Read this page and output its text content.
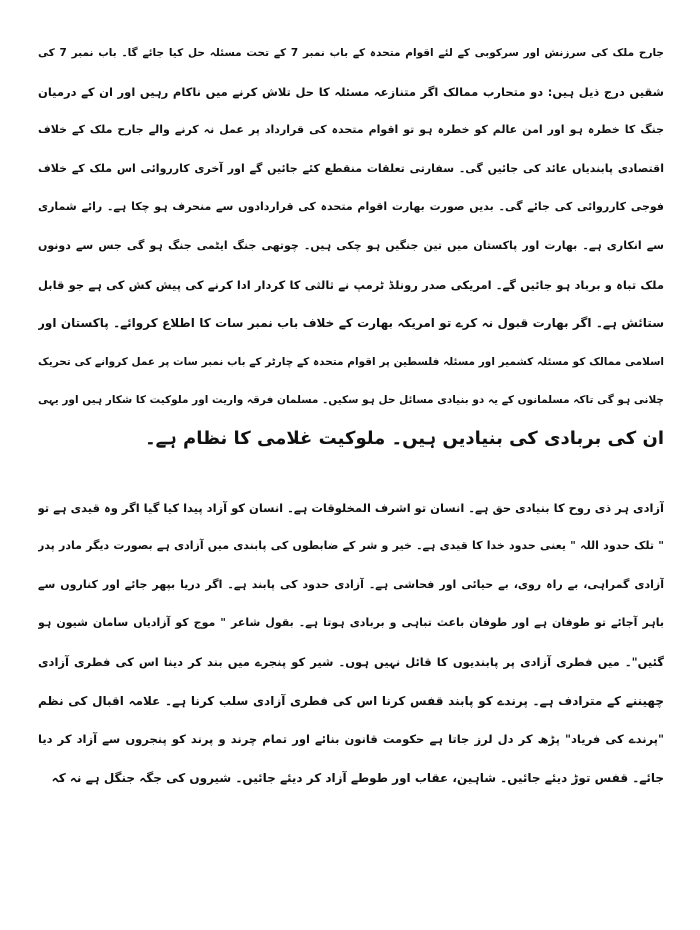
جارح ملک کی سرزنش اور سرکوبی کے لئے اقوام متحدہ کے باب نمبر 7 کے تحت مسئلہ حل کیا جائے گا۔ باب نمبر 7 کی
شقیں درج ذیل ہیں: دو متحارب ممالک اگر متنازعہ مسئلہ کا حل تلاش کرنے میں ناکام رہیں اور ان کے درمیان
جنگ کا خطرہ ہو اور امن عالم کو خطرہ ہو تو اقوام متحدہ کی قرارداد پر عمل نہ کرنے والے جارح ملک کے خلاف
اقتصادی پابندیاں عائد کی جائیں گی۔ سفارتی تعلقات منقطع کئے جائیں گے اور آخری کارروائی اس ملک کے خلاف
فوجی کارروائی کی جائے گی۔ بدیں صورت بھارت اقوام متحدہ کی قراردادوں سے منحرف ہو چکا ہے۔ رائے شماری
سے انکاری ہے۔ بھارت اور پاکستان میں تین جنگیں ہو چکی ہیں۔ چوتھی جنگ ایٹمی جنگ ہو گی جس سے دونوں
ملک تباہ و برباد ہو جائیں گے۔ امریکی صدر رونلڈ ٹرمپ نے ثالثی کا کردار ادا کرنے کی پیش کش کی ہے جو قابل
ستائش ہے۔ اگر بھارت قبول نہ کرے تو امریکہ بھارت کے خلاف باب نمبر سات کا اطلاع کروائے۔ پاکستان اور
اسلامی ممالک کو مسئلہ کشمیر اور مسئلہ فلسطین پر اقوام متحدہ کے چارٹر کے باب نمبر سات پر عمل کروانے کی تحریک
چلانی ہو گی تاکہ مسلمانوں کے یہ دو بنیادی مسائل حل ہو سکیں۔ مسلمان فرقہ واریت اور ملوکیت کا شکار ہیں اور یہی
ان کی بربادی کی بنیادیں ہیں۔ ملوکیت غلامی کا نظام ہے۔
آزادی ہر ذی روح کا بنیادی حق ہے۔ انسان تو اشرف المخلوقات ہے۔ انسان کو آزاد پیدا کیا گیا اگر وہ قیدی ہے تو
" تلک حدود اللہ " یعنی حدود خدا کا قیدی ہے۔ خیر و شر کے ضابطوں کی پابندی میں آزادی ہے بصورت دیگر مادر پدر
آزادی گمراہی، بے راہ روی، بے حیائی اور فحاشی ہے۔ آزادی حدود کی پابند ہے۔ اگر دریا بپھر جائے اور کناروں سے
باہر آجائے تو طوفان ہے اور طوفان باعث تباہی و بربادی ہوتا ہے۔ بقول شاعر " موج کو آزادیاں سامان شیون ہو
گئیں"۔ میں فطری آزادی پر پابندیوں کا قائل نہیں ہوں۔ شیر کو پنجرے میں بند کر دینا اس کی فطری آزادی
چھیننے کے مترادف ہے۔ پرندے کو پابند قفس کرنا اس کی فطری آزادی سلب کرنا ہے۔ علامہ اقبال کی نظم
"پرندے کی فریاد" پڑھ کر دل لرز جاتا ہے حکومت قانون بنائے اور تمام چرند و پرند کو پنجروں سے آزاد کر دیا
جائے۔ قفس توڑ دیئے جائیں۔ شاہین، عقاب اور طوطے آزاد کر دیئے جائیں۔ شیروں کی جگہ جنگل ہے نہ کہ
